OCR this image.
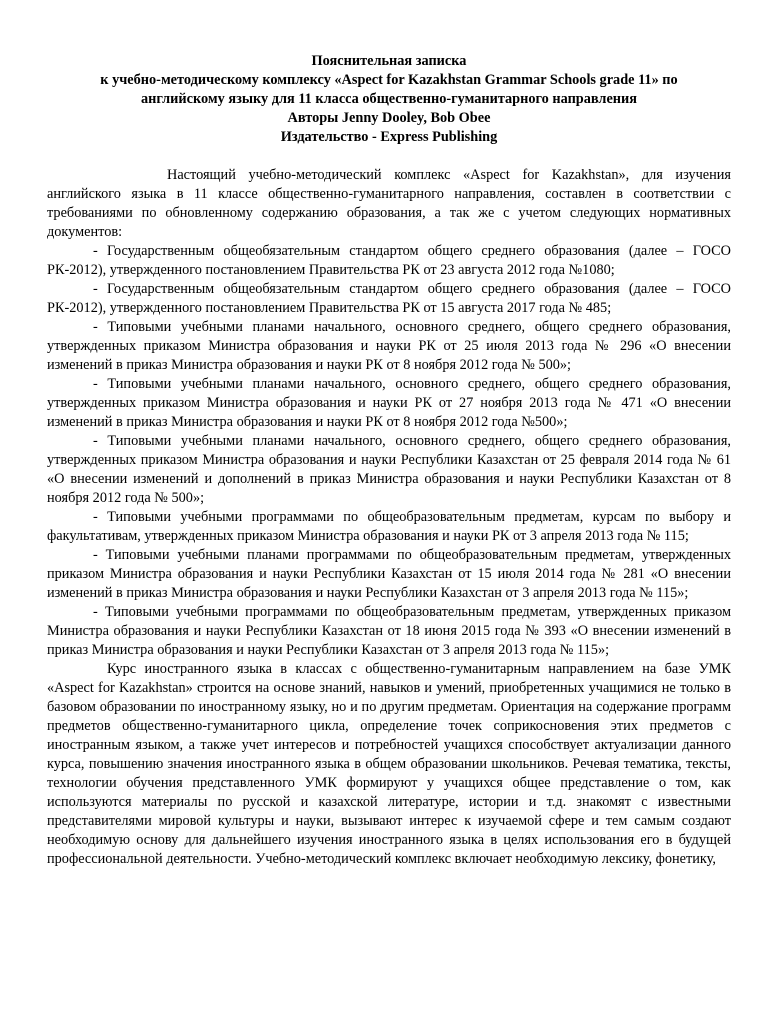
Пояснительная записка
к учебно-методическому комплексу «Aspect for Kazakhstan Grammar Schools grade 11» по
английскому языку для 11 класса общественно-гуманитарного направления
Авторы Jenny Dooley, Bob Obee
Издательство - Express Publishing

Настоящий учебно-методический комплекс «Aspect for Kazakhstan», для изучения английского языка в 11 классе общественно-гуманитарного направления, составлен в соответствии с требованиями по обновленному содержанию образования, а так же с учетом следующих нормативных документов:

- Государственным общеобязательным стандартом общего среднего образования (далее – ГОСО РК-2012), утвержденного постановлением Правительства РК от 23 августа 2012 года №1080;

- Государственным общеобязательным стандартом общего среднего образования (далее – ГОСО РК-2012), утвержденного постановлением Правительства РК от 15 августа 2017 года № 485;

- Типовыми учебными планами начального, основного среднего, общего среднего образования, утвержденных приказом Министра образования и науки РК от 25 июля 2013 года № 296 «О внесении изменений в приказ Министра образования и науки РК от 8 ноября 2012 года № 500»;

- Типовыми учебными планами начального, основного среднего, общего среднего образования, утвержденных приказом Министра образования и науки РК от 27 ноября 2013 года № 471 «О внесении изменений в приказ Министра образования и науки РК от 8 ноября 2012 года №500»;

- Типовыми учебными планами начального, основного среднего, общего среднего образования, утвержденных приказом Министра образования и науки Республики Казахстан от 25 февраля 2014 года № 61 «О внесении изменений и дополнений в приказ Министра образования и науки Республики Казахстан от 8 ноября 2012 года № 500»;

- Типовыми учебными программами по общеобразовательным предметам, курсам по выбору и факультативам, утвержденных приказом Министра образования и науки РК от 3 апреля 2013 года № 115;

- Типовыми учебными планами программами по общеобразовательным предметам, утвержденных приказом Министра образования и науки Республики Казахстан от 15 июля 2014 года № 281 «О внесении изменений в приказ Министра образования и науки Республики Казахстан от 3 апреля 2013 года № 115»;

- Типовыми учебными программами по общеобразовательным предметам, утвержденных приказом Министра образования и науки Республики Казахстан от 18 июня 2015 года № 393 «О внесении изменений в приказ Министра образования и науки Республики Казахстан от 3 апреля 2013 года № 115»;

Курс иностранного языка в классах с общественно-гуманитарным направлением на базе УМК «Aspect for Kazakhstan» строится на основе знаний, навыков и умений, приобретенных учащимися не только в базовом образовании по иностранному языку, но и по другим предметам. Ориентация на содержание программ предметов общественно-гуманитарного цикла, определение точек соприкосновения этих предметов с иностранным языком, а также учет интересов и потребностей учащихся способствует актуализации данного курса, повышению значения иностранного языка в общем образовании школьников. Речевая тематика, тексты, технологии обучения представленного УМК формируют у учащихся общее представление о том, как используются материалы по русской и казахской литературе, истории и т.д. знакомят с известными представителями мировой культуры и науки, вызывают интерес к изучаемой сфере и тем самым создают необходимую основу для дальнейшего изучения иностранного языка в целях использования его в будущей профессиональной деятельности. Учебно-методический комплекс включает необходимую лексику, фонетику,
